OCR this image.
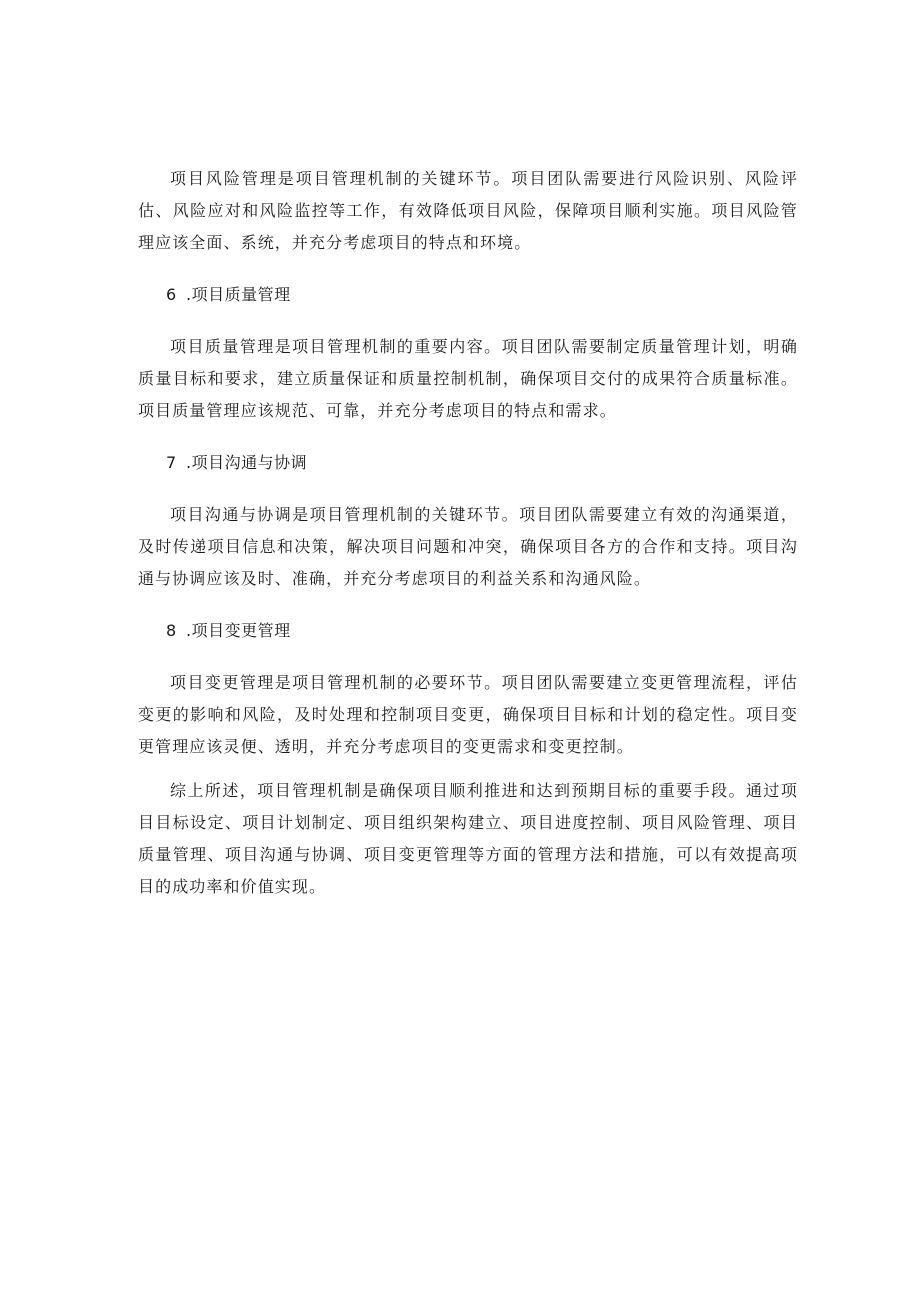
项目风险管理是项目管理机制的关键环节。项目团队需要进行风险识别、风险评估、风险应对和风险监控等工作，有效降低项目风险，保障项目顺利实施。项目风险管理应该全面、系统，并充分考虑项目的特点和环境。

6 .项目质量管理

项目质量管理是项目管理机制的重要内容。项目团队需要制定质量管理计划，明确质量目标和要求，建立质量保证和质量控制机制，确保项目交付的成果符合质量标准。项目质量管理应该规范、可靠，并充分考虑项目的特点和需求。

7 .项目沟通与协调

项目沟通与协调是项目管理机制的关键环节。项目团队需要建立有效的沟通渠道，及时传递项目信息和决策，解决项目问题和冲突，确保项目各方的合作和支持。项目沟通与协调应该及时、准确，并充分考虑项目的利益关系和沟通风险。

8 .项目变更管理

项目变更管理是项目管理机制的必要环节。项目团队需要建立变更管理流程，评估变更的影响和风险，及时处理和控制项目变更，确保项目目标和计划的稳定性。项目变更管理应该灵便、透明，并充分考虑项目的变更需求和变更控制。

综上所述，项目管理机制是确保项目顺利推进和达到预期目标的重要手段。通过项目目标设定、项目计划制定、项目组织架构建立、项目进度控制、项目风险管理、项目质量管理、项目沟通与协调、项目变更管理等方面的管理方法和措施，可以有效提高项目的成功率和价值实现。
